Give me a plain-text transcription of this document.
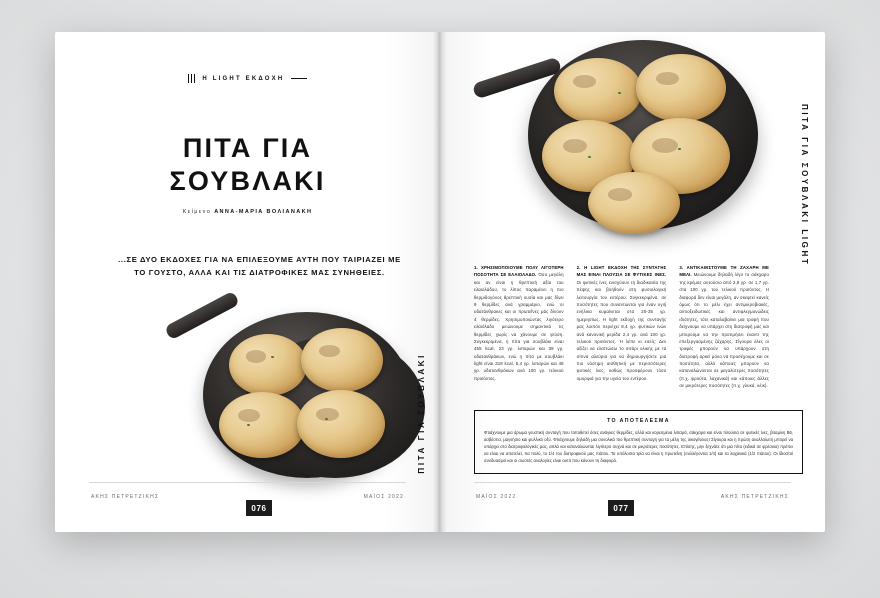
Η LIGHT ΕΚΔΟΧΗ
ΠΙΤΑ ΓΙΑ
ΣΟΥΒΛΑΚΙ
Κείμενο ΑΝΝΑ-ΜΑΡΙΑ ΒΟΛΙΑΝΑΚΗ
...ΣΕ ΔΥΟ ΕΚΔΟΧΕΣ ΓΙΑ ΝΑ ΕΠΙΛΕΞΟΥΜΕ ΑΥΤΗ ΠΟΥ ΤΑΙΡΙΑΖΕΙ ΜΕ ΤΟ ΓΟΥΣΤΟ, ΑΛΛΑ ΚΑΙ ΤΙΣ ΔΙΑΤΡΟΦΙΚΕΣ ΜΑΣ ΣΥΝΗΘΕΙΕΣ.
ΠΙΤΑ ΓΙΑ ΣΟΥΒΛΑΚΙ
ΑΚΗΣ ΠΕΤΡΕΤΖΙΚΗΣ	ΜΑΪΟΣ 2022
076
ΠΙΤΑ ΓΙΑ ΣΟΥΒΛΑΚΙ LIGHT

1. ΧΡΗΣΙΜΟΠΟΙΟΥΜΕ ΠΟΛΥ ΛΙΓΟΤΕΡΗ ΠΟΣΟΤΗΤΑ ΣΕ ΕΛΑΙΟΛΑΔΟ. Όσο μεγάλη και αν είναι η θρεπτική αξία του ελαιολάδου, το λίπος παραμένει η πιο θερμιδογόνος θρεπτική ουσία και μας δίνει 9 θερμίδες ανά γραμμάριο, ενώ οι υδατάνθρακες και οι πρωτεΐνες μάς δίνουν 4 θερμίδες. Χρησιμοποιώντας λιγότερο ελαιόλαδο μειώνουμε σημαντικά τις θερμίδες χωρίς να χάνουμε σε γεύση. Συγκεκριμένα, η πίτα για σουβλάκι είναι 455 kcal, 23 γρ. λιπαρών και 39 γρ. υδατανθράκων, ενώ η πίτα με σουβλάκι light είναι 318 kcal, 5,4 γρ. λιπαρών και 48 γρ. υδατανθράκων ανά 100 γρ. τελικού προϊόντος.

2. Η LIGHT ΕΚΔΟΧΗ ΤΗΣ ΣΥΝΤΑΓΗΣ ΜΑΣ ΕΙΝΑΙ ΠΛΟΥΣΙΑ ΣΕ ΦΥΤΙΚΕΣ ΙΝΕΣ. Οι φυτικές ίνες ενισχύουν τη διαδικασία της πέψης και βοηθούν στη φυσιολογική λειτουργία του εντέρου. Συγκεκριμένα, σε ποσότητες που συναντώνται για έναν υγιή ενήλικα κυμαίνεται στα 20-35 γρ. ημερησίως. Η light εκδοχή της συνταγής μας λοιπόν περιέχει 8,4 γρ. φυτικών ινών ανά κανονική μερίδα 2,4 γρ. ανά 100 γρ. τελικού προϊόντος. Ή λέπε κι εσείς: Δεν αξίζει να ελαττώσω το σιτάρι ολικής με τα σίτινα αλεύρια για να δημιουργήσετε μια πιο νόστιμη αισθητική με περισσότερες φυτικές ίνες, καθώς προσφέρουν τόσο ομορφιά για την υγεία του εντέρου.

3. ΑΝΤΙΚΑΘΙΣΤΟΥΜΕ ΤΗ ΖΑΧΑΡΗ ΜΕ ΜΕΛΙ. Μειώνουμε δηλαδή λίγο το σάκχαρο της κρέμας αυτούσιο από 2,8 γρ. σε 1,7 γρ. στα 100 γρ. του τελικού προϊόντος. Η διαφορά δεν είναι μεγάλη, αν σκεφτεί κανείς όμως ότι το μέλι έχει αντιμικροβιακές, αντιοξειδωτικές και αντιφλεγμονώδεις ιδιότητες, τότε καταλαβαίνει μια τροφή που δείχνουμε να υπάρχει στη διατροφή μας και μπορούμε να την προτιμήσει έναντι της επεξεργασμένης ζάχαρης. Σίγουρα όλες οι τροφές μπορούν να υπάρχουν στη διατροφή αρκεί μόνο να προσέχουμε και σε ποσότητα, αλλά κάποιες μπορούν να καταναλώνονται σε μεγαλύτερες ποσότητες (π.χ. φρούτα, λαχανικά) και κάποιες άλλες σε μικρότερες ποσότητες (π.χ. γλυκά, κέικ).

ΤΟ ΑΠΟΤΕΛΕΣΜΑ
Φτιάχνουμε μια άρωμα γευστική συνταγή που τοποθετεί όσες ανάγκες θερμίδες, αλλά και κορεσμένα λιπαρά, σάκχαρα και είναι πλούσια σε φυτικές ίνες, βιταμίνη Β6, ασβέστιο, μαγνήσιο και φυλλικό οξύ. Φτιάχνουμε δηλαδή μια συνολικά πιο θρεπτική συνταγή για τα μέλη της οικογένειας! Σίγουρα και η πρώτη αναλλοίωτη μπορεί να υπάρχει στο διατροφολογικές μας, απλά και καταναλώνεται λιγότερο συχνά και σε μικρότερες ποσότητες. Επίσης, μην ξεχνάτε ότι μια πίτα (ειδικά σε φρέσκια) πρέπει να είναι να αποτελεί, πα πολύ, το 1/4 του διατροφικού μας πιάτου. Τα υπόλοιπα τρία να είναι η πρωτεΐνη (συλλέγονται 1/4) και τα λαχανικά (1/2 πιάτου). Οι ίδιοστοί συνδυασμοί και οι σωστές αναλογίες είναι αυτό που κάνουν τη διαφορά.
ΜΑΪΟΣ 2022	ΑΚΗΣ ΠΕΤΡΕΤΖΙΚΗΣ
077
